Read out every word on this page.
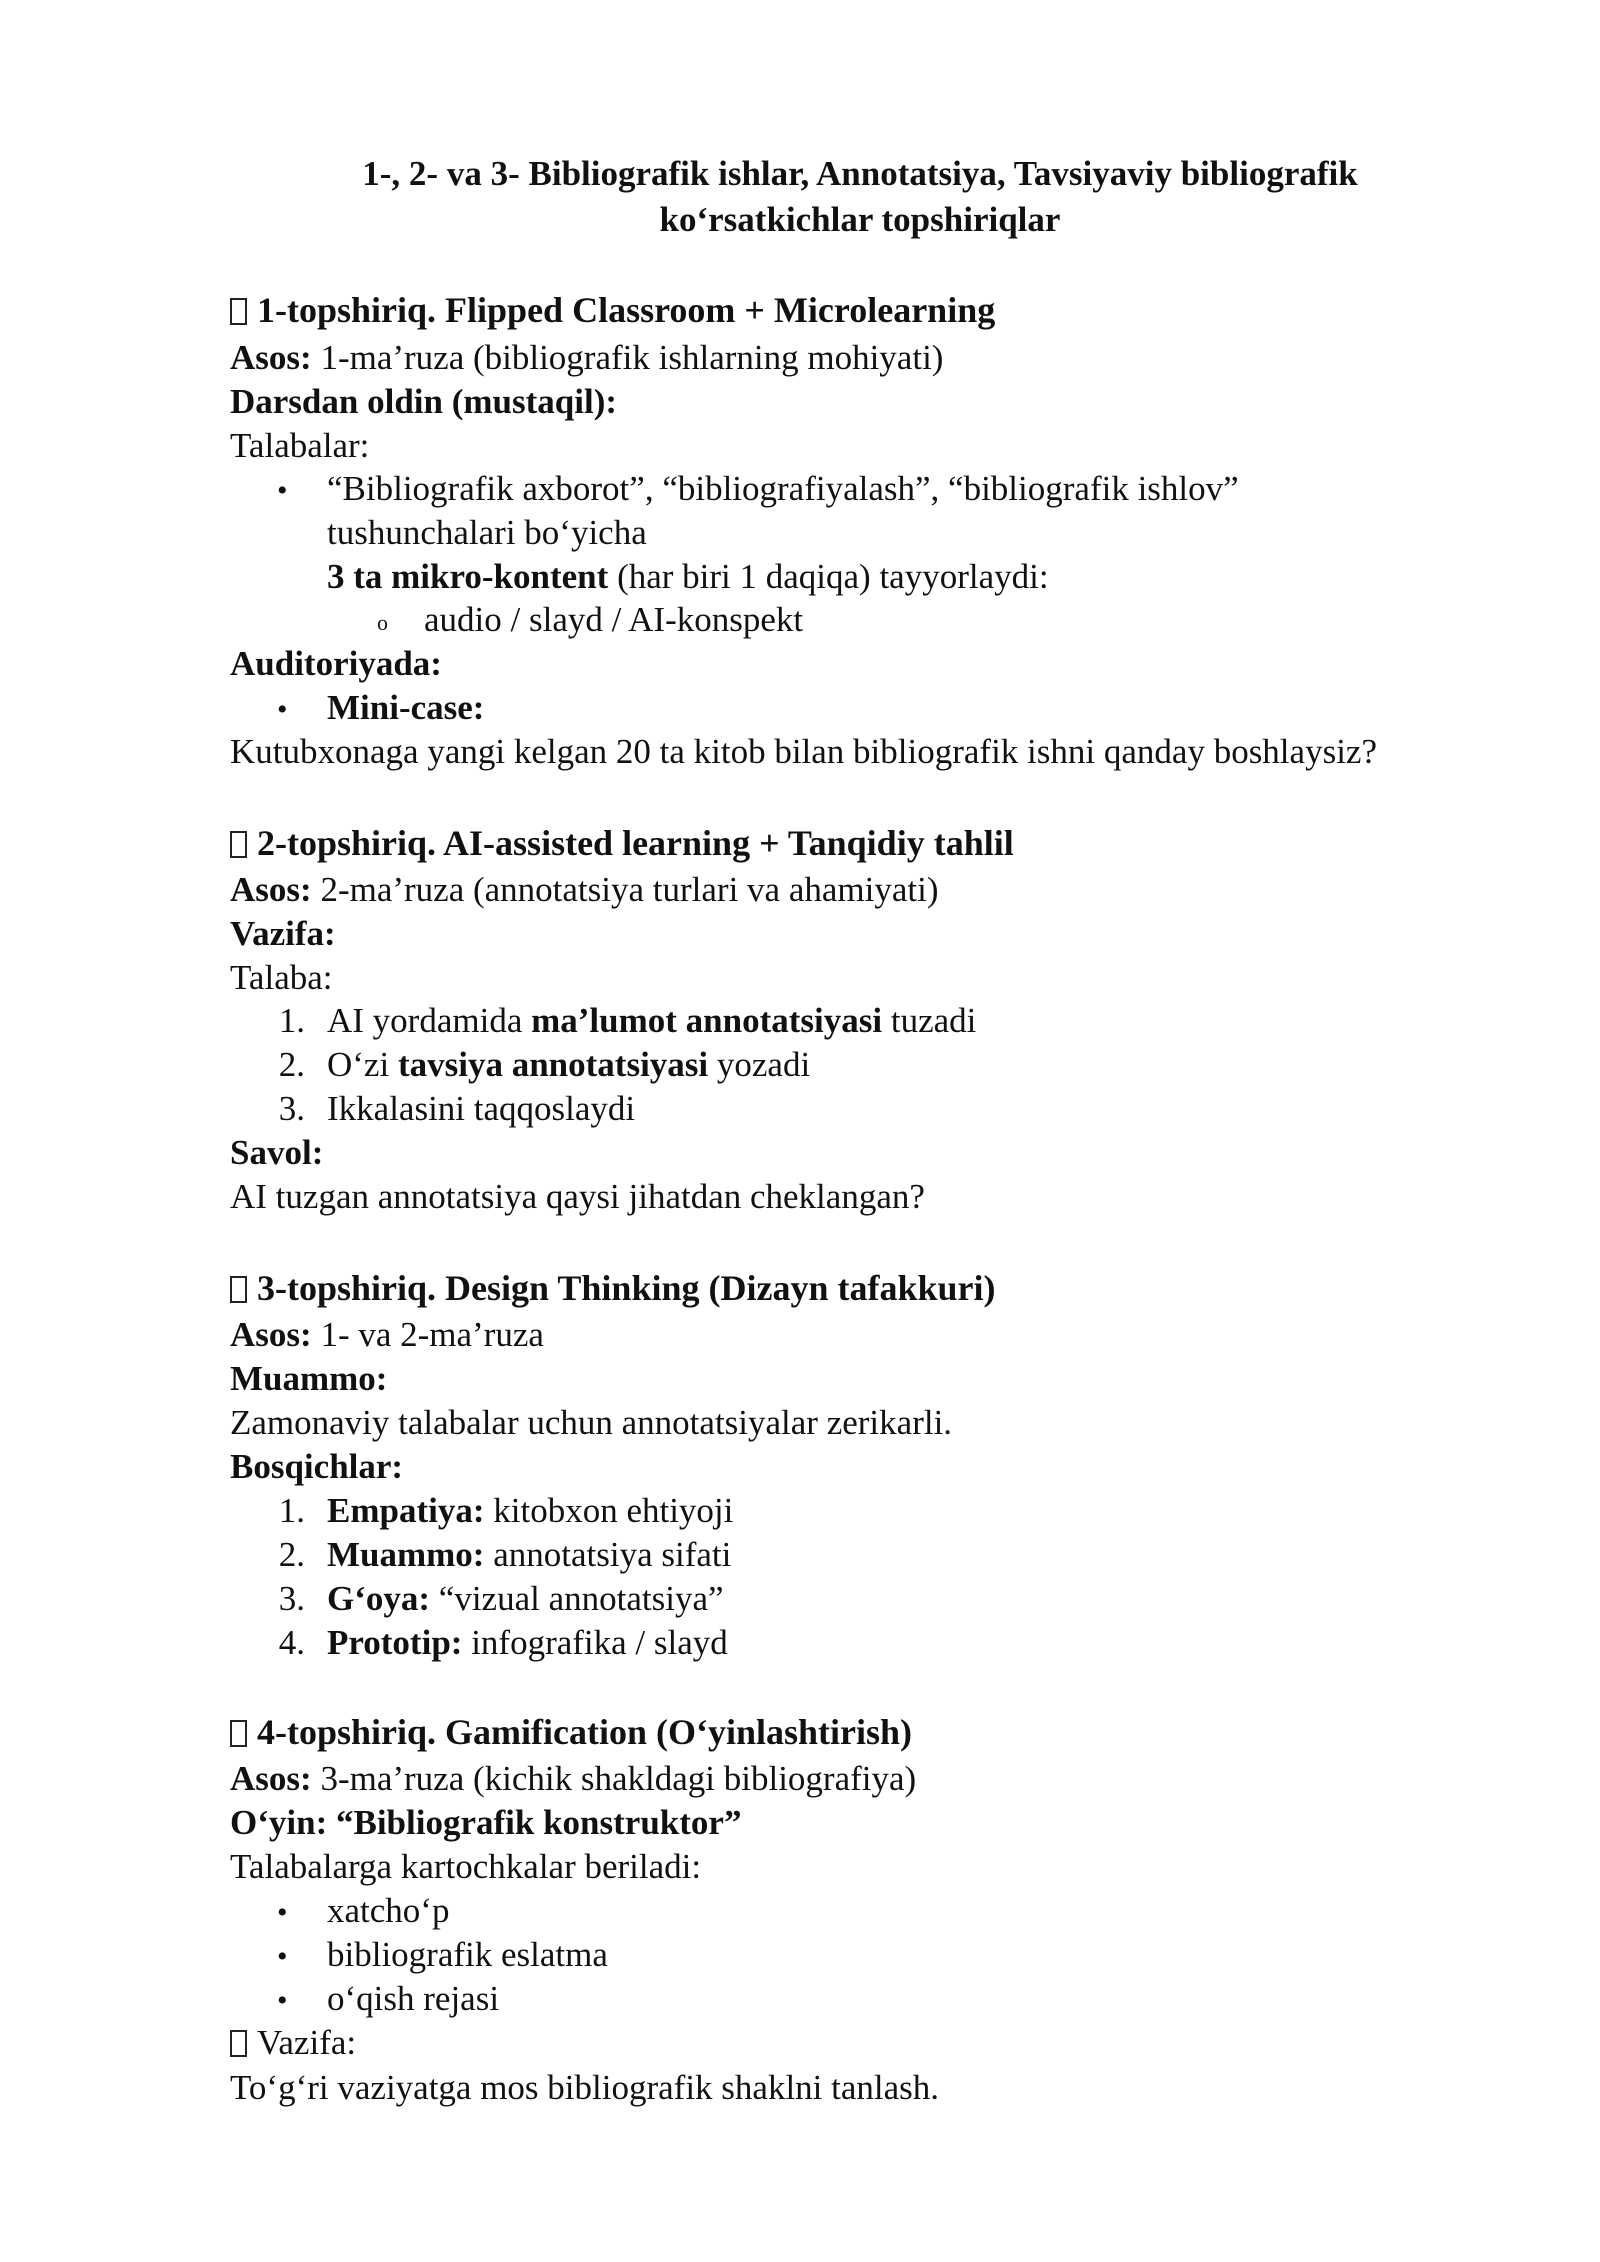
1-, 2- va 3- Bibliografik ishlar, Annotatsiya, Tavsiyaviy bibliografik
ko‘rsatkichlar topshiriqlar
1-topshiriq. Flipped Classroom + Microlearning
Asos: 1-ma’ruza (bibliografik ishlarning mohiyati)
Darsdan oldin (mustaqil):
Talabalar:
• “Bibliografik axborot”, “bibliografiyalash”, “bibliografik ishlov”
tushunchalari bo‘yicha
3 ta mikro-kontent (har biri 1 daqiqa) tayyorlaydi:
o audio / slayd / AI-konspekt
Auditoriyada:
• Mini-case:
Kutubxonaga yangi kelgan 20 ta kitob bilan bibliografik ishni qanday boshlaysiz?
2-topshiriq. AI-assisted learning + Tanqidiy tahlil
Asos: 2-ma’ruza (annotatsiya turlari va ahamiyati)
Vazifa:
Talaba:
1. AI yordamida ma’lumot annotatsiyasi tuzadi
2. O‘zi tavsiya annotatsiyasi yozadi
3. Ikkalasini taqqoslaydi
Savol:
AI tuzgan annotatsiya qaysi jihatdan cheklangan?
3-topshiriq. Design Thinking (Dizayn tafakkuri)
Asos: 1- va 2-ma’ruza
Muammo:
Zamonaviy talabalar uchun annotatsiyalar zerikarli.
Bosqichlar:
1. Empatiya: kitobxon ehtiyoji
2. Muammo: annotatsiya sifati
3. G‘oya: “vizual annotatsiya”
4. Prototip: infografika / slayd
4-topshiriq. Gamification (O‘yinlashtirish)
Asos: 3-ma’ruza (kichik shakldagi bibliografiya)
O‘yin: “Bibliografik konstruktor”
Talabalarga kartochkalar beriladi:
• xatcho‘p
• bibliografik eslatma
• o‘qish rejasi
Vazifa:
To‘g‘ri vaziyatga mos bibliografik shaklni tanlash.
